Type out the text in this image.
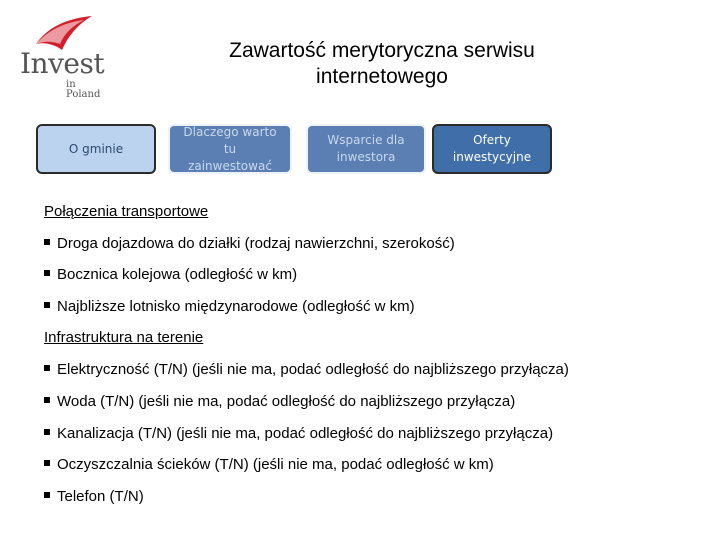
Invest
in Poland
Zawartość merytoryczna serwisu internetowego
O gminie
Dlaczego warto tu zainwestować
Wsparcie dla inwestora
Oferty inwestycyjne
Połączenia transportowe
Droga dojazdowa do działki (rodzaj nawierzchni, szerokość)
Bocznica kolejowa (odległość w km)
Najbliższe lotnisko międzynarodowe (odległość w km)
Infrastruktura na terenie
Elektryczność (T/N) (jeśli nie ma, podać odległość do najbliższego przyłącza)
Woda (T/N) (jeśli nie ma, podać odległość do najbliższego przyłącza)
Kanalizacja (T/N) (jeśli nie ma, podać odległość do najbliższego przyłącza)
Oczyszczalnia ścieków (T/N) (jeśli nie ma, podać odległość w km)
Telefon (T/N)
